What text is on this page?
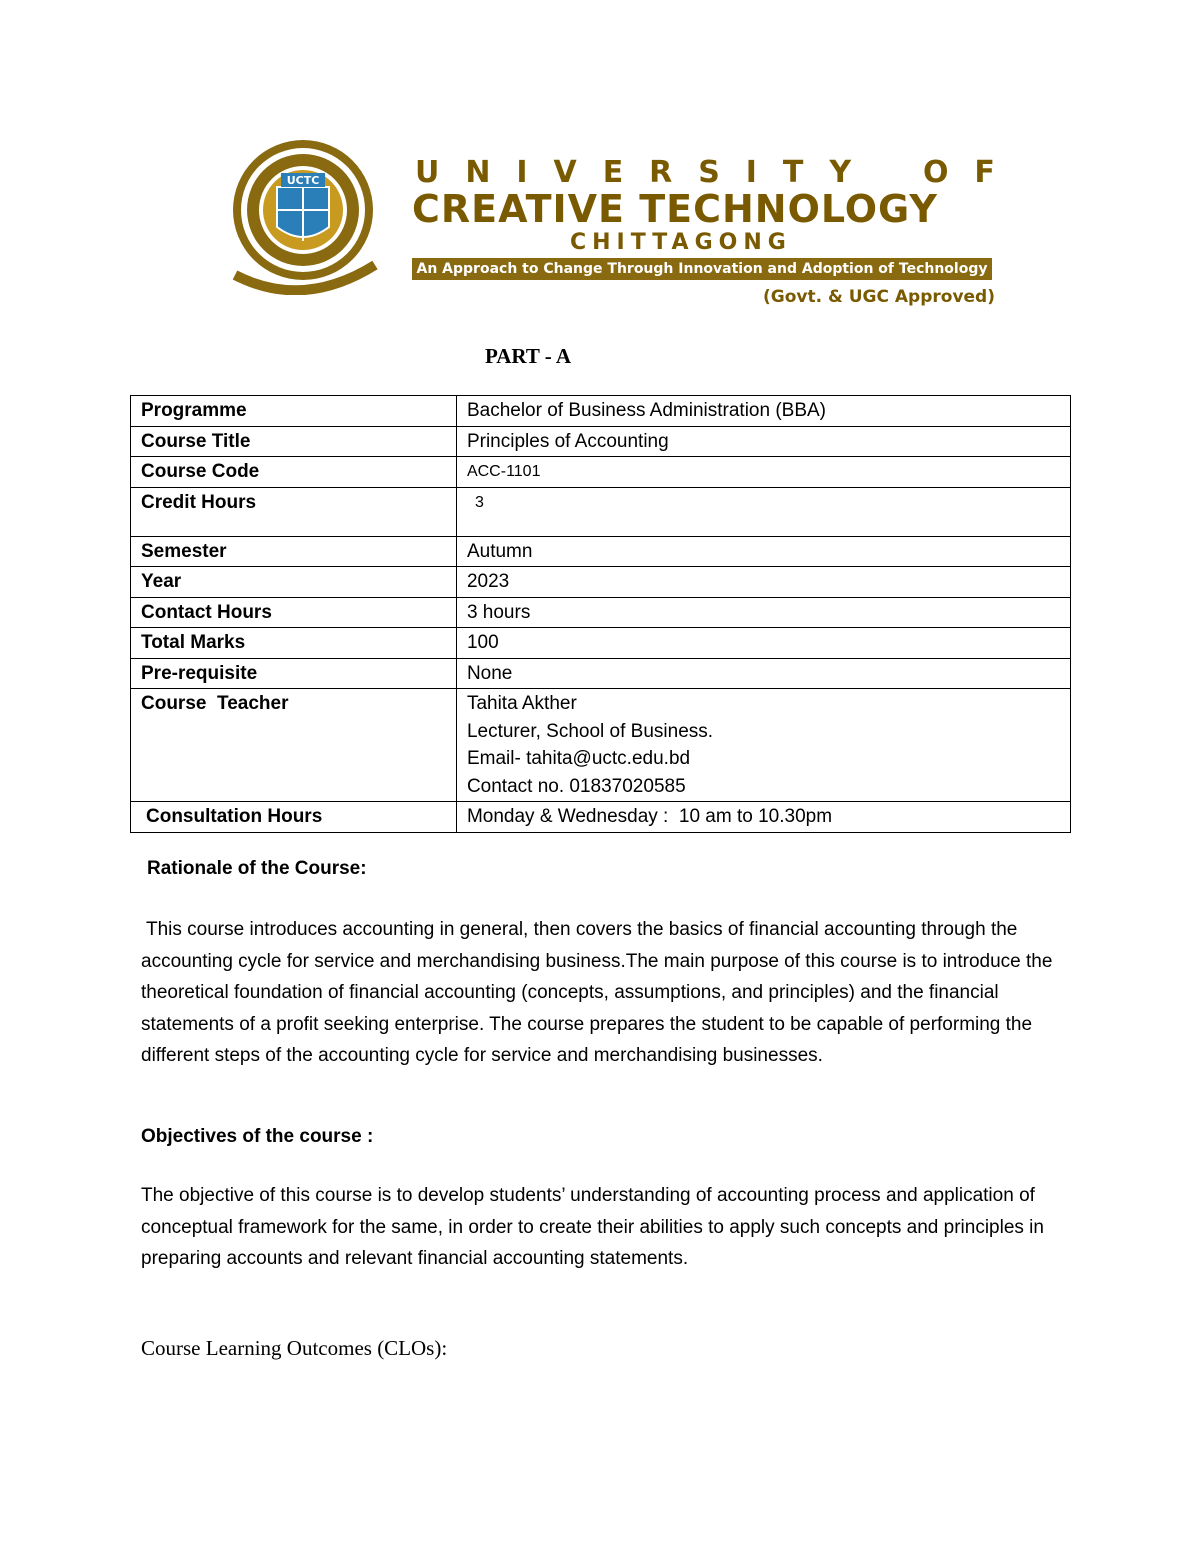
UCTC	U N I V E R S I T Y O F
CREATIVE TECHNOLOGY
CHITTAGONG
An Approach to Change Through Innovation and Adoption of Technology
(Govt. & UGC Approved)
PART - A
Programme	Bachelor of Business Administration (BBA)
Course Title	Principles of Accounting
Course Code	ACC-1101
Credit Hours	3
Semester	Autumn
Year	2023
Contact Hours	3 hours
Total Marks	100
Pre-requisite	None
Course  Teacher	Tahita Akther
Lecturer, School of Business.
Email- tahita@uctc.edu.bd
Contact no. 01837020585

Consultation Hours	Monday & Wednesday :  10 am to 10.30pm
Rationale of the Course:
This course introduces accounting in general, then covers the basics of financial accounting through the accounting cycle for service and merchandising business.The main purpose of this course is to introduce the theoretical foundation of financial accounting (concepts, assumptions, and principles) and the financial statements of a profit seeking enterprise. The course prepares the student to be capable of performing the different steps of the accounting cycle for service and merchandising businesses.
Objectives of the course :
The objective of this course is to develop students’ understanding of accounting process and application of conceptual framework for the same, in order to create their abilities to apply such concepts and principles in preparing accounts and relevant financial accounting statements.
Course Learning Outcomes (CLOs):
